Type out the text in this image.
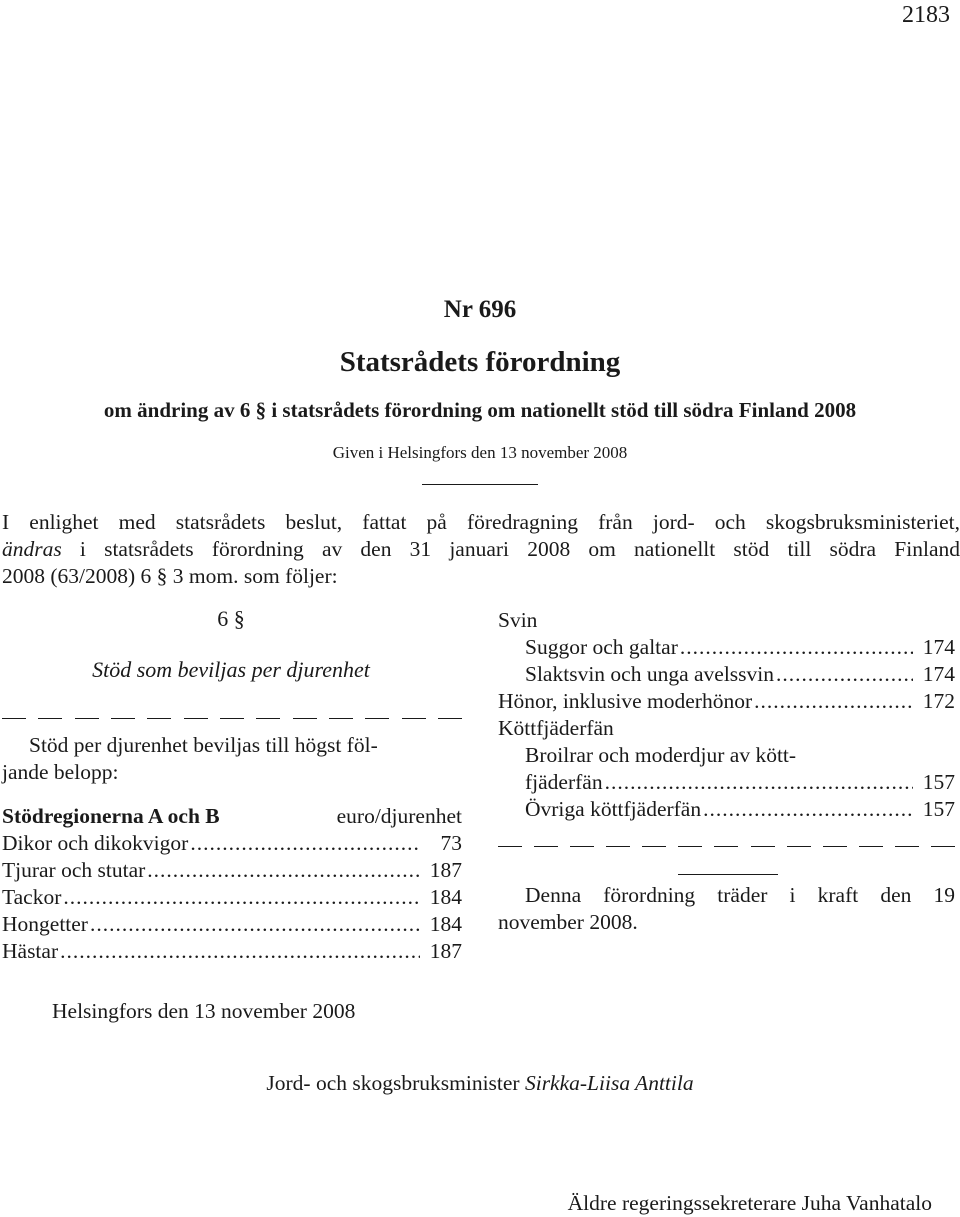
2183
Nr 696
Statsrådets förordning
om ändring av 6 § i statsrådets förordning om nationellt stöd till södra Finland 2008
Given i Helsingfors den 13 november 2008
I enlighet med statsrådets beslut, fattat på föredragning från jord- och skogsbruksministeriet,
ändras i statsrådets förordning av den 31 januari 2008 om nationellt stöd till södra Finland
2008 (63/2008) 6 § 3 mom. som följer:
6 §
Stöd som beviljas per djurenhet
Stöd per djurenhet beviljas till högst föl-
jande belopp:
Stödregionerna A och B	euro/djurenhet
Dikor och dikokvigor .....	73
Tjurar och stutar .....	187
Tackor .....	184
Hongetter .....	184
Hästar .....	187
Svin
Suggor och galtar .....	174
Slaktsvin och unga avelssvin .....	174
Hönor, inklusive moderhönor .....	172
Köttfjäderfän
Broilrar och moderdjur av kött-
fjäderfän .....	157
Övriga köttfjäderfän .....	157
Denna förordning träder i kraft den 19
november 2008.
Helsingfors den 13 november 2008
Jord- och skogsbruksminister Sirkka-Liisa Anttila
Äldre regeringssekreterare Juha Vanhatalo
